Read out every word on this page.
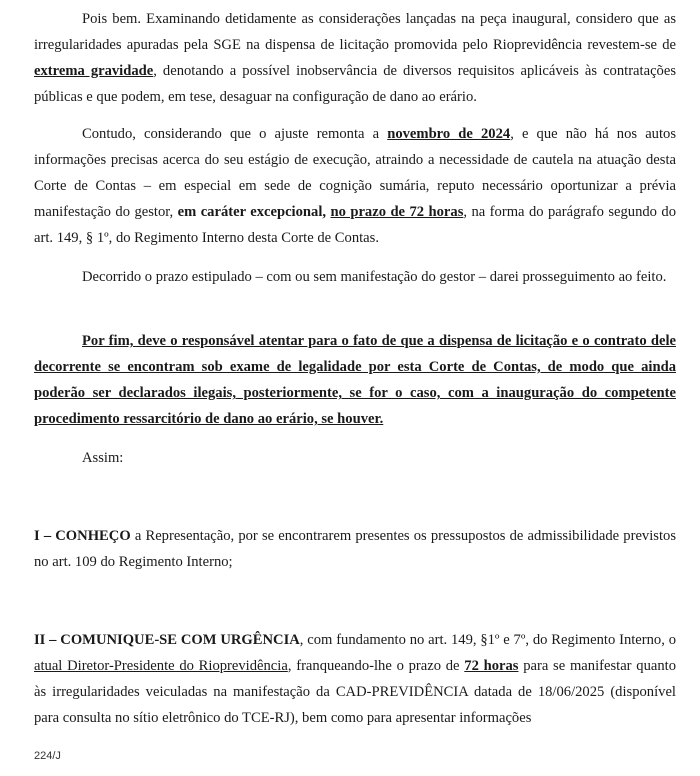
Pois bem. Examinando detidamente as considerações lançadas na peça inaugural, considero que as irregularidades apuradas pela SGE na dispensa de licitação promovida pelo Rioprevidência revestem-se de extrema gravidade, denotando a possível inobservância de diversos requisitos aplicáveis às contratações públicas e que podem, em tese, desaguar na configuração de dano ao erário.

Contudo, considerando que o ajuste remonta a novembro de 2024, e que não há nos autos informações precisas acerca do seu estágio de execução, atraindo a necessidade de cautela na atuação desta Corte de Contas – em especial em sede de cognição sumária, reputo necessário oportunizar a prévia manifestação do gestor, em caráter excepcional, no prazo de 72 horas, na forma do parágrafo segundo do art. 149, § 1º, do Regimento Interno desta Corte de Contas.

Decorrido o prazo estipulado – com ou sem manifestação do gestor – darei prosseguimento ao feito.

Por fim, deve o responsável atentar para o fato de que a dispensa de licitação e o contrato dele decorrente se encontram sob exame de legalidade por esta Corte de Contas, de modo que ainda poderão ser declarados ilegais, posteriormente, se for o caso, com a inauguração do competente procedimento ressarcitório de dano ao erário, se houver.

Assim:

I – CONHEÇO a Representação, por se encontrarem presentes os pressupostos de admissibilidade previstos no art. 109 do Regimento Interno;

II – COMUNIQUE-SE COM URGÊNCIA, com fundamento no art. 149, §1º e 7º, do Regimento Interno, o atual Diretor-Presidente do Rioprevidência, franqueando-lhe o prazo de 72 horas para se manifestar quanto às irregularidades veiculadas na manifestação da CAD-PREVIDÊNCIA datada de 18/06/2025 (disponível para consulta no sítio eletrônico do TCE-RJ), bem como para apresentar informações

224/J
